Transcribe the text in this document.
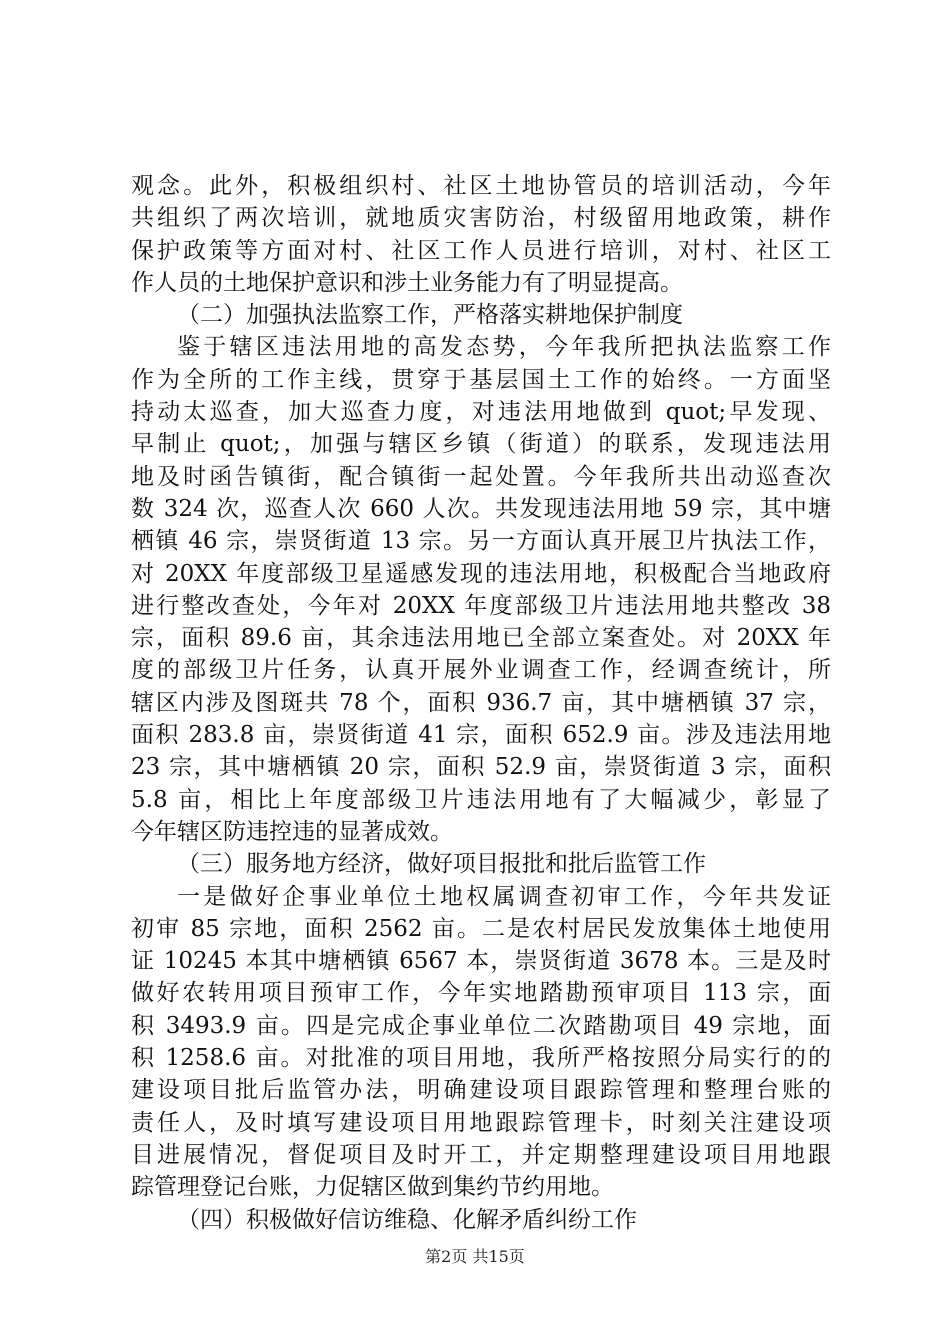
观念。此外，积极组织村、社区土地协管员的培训活动，今年
共组织了两次培训，就地质灾害防治，村级留用地政策，耕作
保护政策等方面对村、社区工作人员进行培训，对村、社区工
作人员的土地保护意识和涉土业务能力有了明显提高。
（二）加强执法监察工作，严格落实耕地保护制度
鉴于辖区违法用地的高发态势，今年我所把执法监察工作
作为全所的工作主线，贯穿于基层国土工作的始终。一方面坚
持动太巡查，加大巡查力度，对违法用地做到 quot;早发现、
早制止 quot;，加强与辖区乡镇（街道）的联系，发现违法用
地及时函告镇街，配合镇街一起处置。今年我所共出动巡查次
数 324 次，巡查人次 660 人次。共发现违法用地 59 宗，其中塘
栖镇 46 宗，崇贤街道 13 宗。另一方面认真开展卫片执法工作，
对 20XX 年度部级卫星遥感发现的违法用地，积极配合当地政府
进行整改查处，今年对 20XX 年度部级卫片违法用地共整改 38
宗，面积 89.6 亩，其余违法用地已全部立案查处。对 20XX 年
度的部级卫片任务，认真开展外业调查工作，经调查统计，所
辖区内涉及图斑共 78 个，面积 936.7 亩，其中塘栖镇 37 宗，
面积 283.8 亩，崇贤街道 41 宗，面积 652.9 亩。涉及违法用地
23 宗，其中塘栖镇 20 宗，面积 52.9 亩，崇贤街道 3 宗，面积
5.8 亩，相比上年度部级卫片违法用地有了大幅减少，彰显了
今年辖区防违控违的显著成效。
（三）服务地方经济，做好项目报批和批后监管工作
一是做好企事业单位土地权属调查初审工作，今年共发证
初审 85 宗地，面积 2562 亩。二是农村居民发放集体土地使用
证 10245 本其中塘栖镇 6567 本，崇贤街道 3678 本。三是及时
做好农转用项目预审工作，今年实地踏勘预审项目 113 宗，面
积 3493.9 亩。四是完成企事业单位二次踏勘项目 49 宗地，面
积 1258.6 亩。对批准的项目用地，我所严格按照分局实行的的
建设项目批后监管办法，明确建设项目跟踪管理和整理台账的
责任人，及时填写建设项目用地跟踪管理卡，时刻关注建设项
目进展情况，督促项目及时开工，并定期整理建设项目用地跟
踪管理登记台账，力促辖区做到集约节约用地。
（四）积极做好信访维稳、化解矛盾纠纷工作
第2页 共15页
